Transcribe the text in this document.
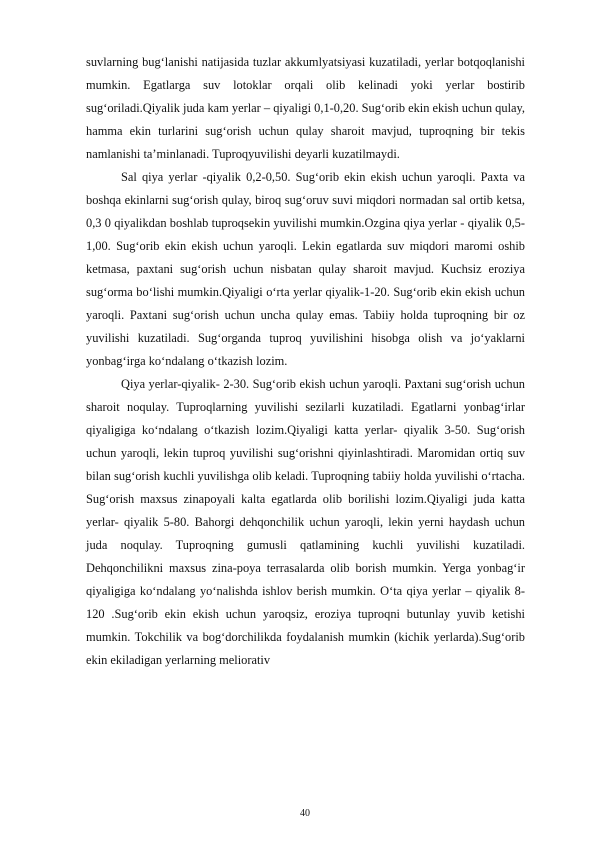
suvlarning bug‘lanishi natijasida tuzlar akkumlyatsiyasi kuzatiladi, yerlar botqoqlanishi mumkin. Egatlarga suv lotoklar orqali olib kelinadi yoki yerlar bostirib sug‘oriladi.Qiyalik juda kam yerlar – qiyaligi 0,1-0,20. Sug‘orib ekin ekish uchun qulay, hamma ekin turlarini sug‘orish uchun qulay sharoit mavjud, tuproqning bir tekis namlanishi ta’minlanadi. Tuproqyuvilishi deyarli kuzatilmaydi.

Sal qiya yerlar -qiyalik 0,2-0,50. Sug‘orib ekin ekish uchun yaroqli. Paxta va boshqa ekinlarni sug‘orish qulay, biroq sug‘oruv suvi miqdori normadan sal ortib ketsa, 0,3 0 qiyalikdan boshlab tuproqsekin yuvilishi mumkin.Ozgina qiya yerlar - qiyalik 0,5-1,00. Sug‘orib ekin ekish uchun yaroqli. Lekin egatlarda suv miqdori maromi oshib ketmasa, paxtani sug‘orish uchun nisbatan qulay sharoit mavjud. Kuchsiz eroziya sug‘orma bo‘lishi mumkin.Qiyaligi o‘rta yerlar qiyalik-1-20. Sug‘orib ekin ekish uchun yaroqli. Paxtani sug‘orish uchun uncha qulay emas. Tabiiy holda tuproqning bir oz yuvilishi kuzatiladi. Sug‘organda tuproq yuvilishini hisobga olish va jo‘yaklarni yonbag‘irga ko‘ndalang o‘tkazish lozim.

Qiya yerlar-qiyalik- 2-30. Sug‘orib ekish uchun yaroqli. Paxtani sug‘orish uchun sharoit noqulay. Tuproqlarning yuvilishi sezilarli kuzatiladi. Egatlarni yonbag‘irlar qiyaligiga ko‘ndalang o‘tkazish lozim.Qiyaligi katta yerlar- qiyalik 3-50. Sug‘orish uchun yaroqli, lekin tuproq yuvilishi sug‘orishni qiyinlashtiradi. Maromidan ortiq suv bilan sug‘orish kuchli yuvilishga olib keladi. Tuproqning tabiiy holda yuvilishi o‘rtacha. Sug‘orish maxsus zinapoyali kalta egatlarda olib borilishi lozim.Qiyaligi juda katta yerlar- qiyalik 5-80. Bahorgi dehqonchilik uchun yaroqli, lekin yerni haydash uchun juda noqulay. Tuproqning gumusli qatlamining kuchli yuvilishi kuzatiladi. Dehqonchilikni maxsus zina-poya terrasalarda olib borish mumkin. Yerga yonbag‘ir qiyaligiga ko‘ndalang yo‘nalishda ishlov berish mumkin. O‘ta qiya yerlar – qiyalik 8-120 .Sug‘orib ekin ekish uchun yaroqsiz, eroziya tuproqni butunlay yuvib ketishi mumkin. Tokchilik va bog‘dorchilikda foydalanish mumkin (kichik yerlarda).Sug‘orib ekin ekiladigan yerlarning meliorativ

40
